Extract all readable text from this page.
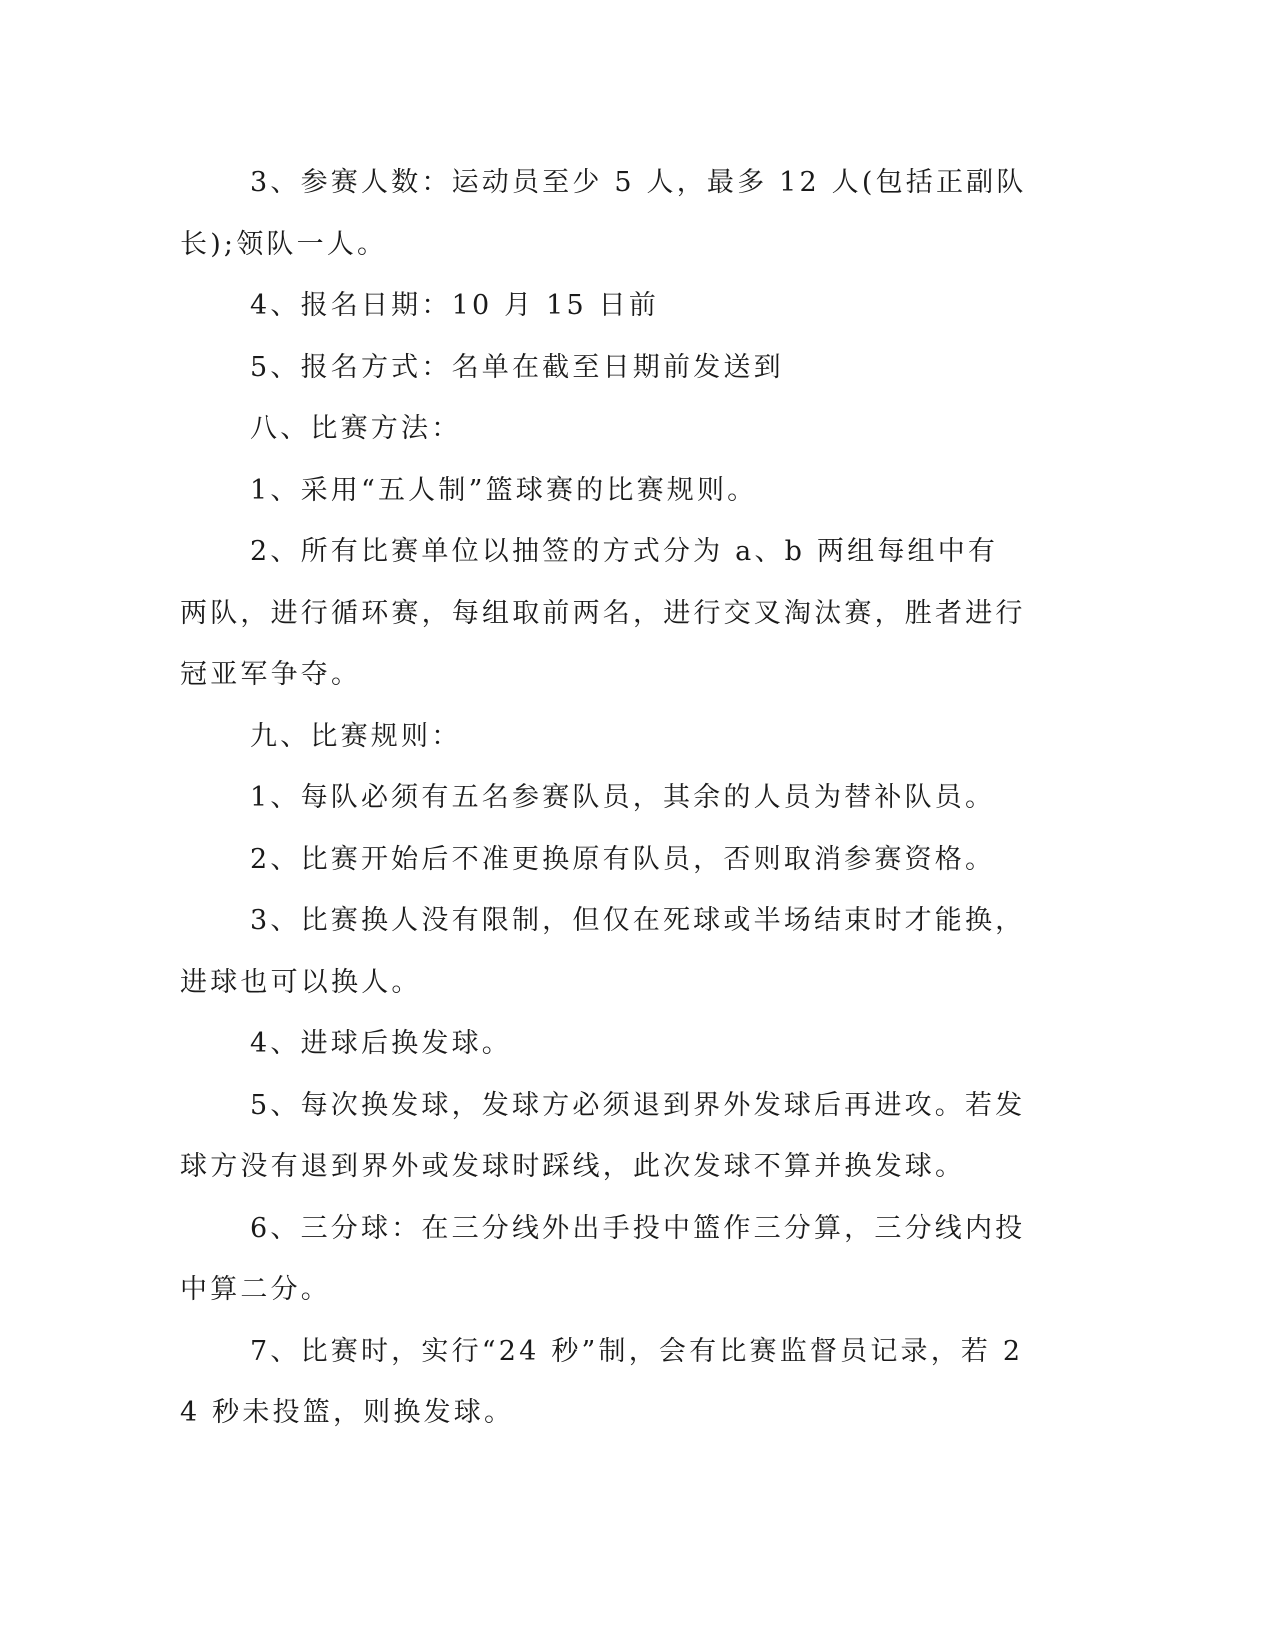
3、参赛人数：运动员至少 5 人，最多 12 人(包括正副队长);领队一人。

4、报名日期：10 月 15 日前

5、报名方式：名单在截至日期前发送到

八、比赛方法：

1、采用“五人制”篮球赛的比赛规则。

2、所有比赛单位以抽签的方式分为 a、b 两组每组中有两队，进行循环赛，每组取前两名，进行交叉淘汰赛，胜者进行冠亚军争夺。

九、比赛规则：

1、每队必须有五名参赛队员，其余的人员为替补队员。

2、比赛开始后不准更换原有队员，否则取消参赛资格。

3、比赛换人没有限制，但仅在死球或半场结束时才能换，进球也可以换人。

4、进球后换发球。

5、每次换发球，发球方必须退到界外发球后再进攻。若发球方没有退到界外或发球时踩线，此次发球不算并换发球。

6、三分球：在三分线外出手投中篮作三分算，三分线内投中算二分。

7、比赛时，实行“24 秒”制，会有比赛监督员记录，若 24 秒未投篮，则换发球。
